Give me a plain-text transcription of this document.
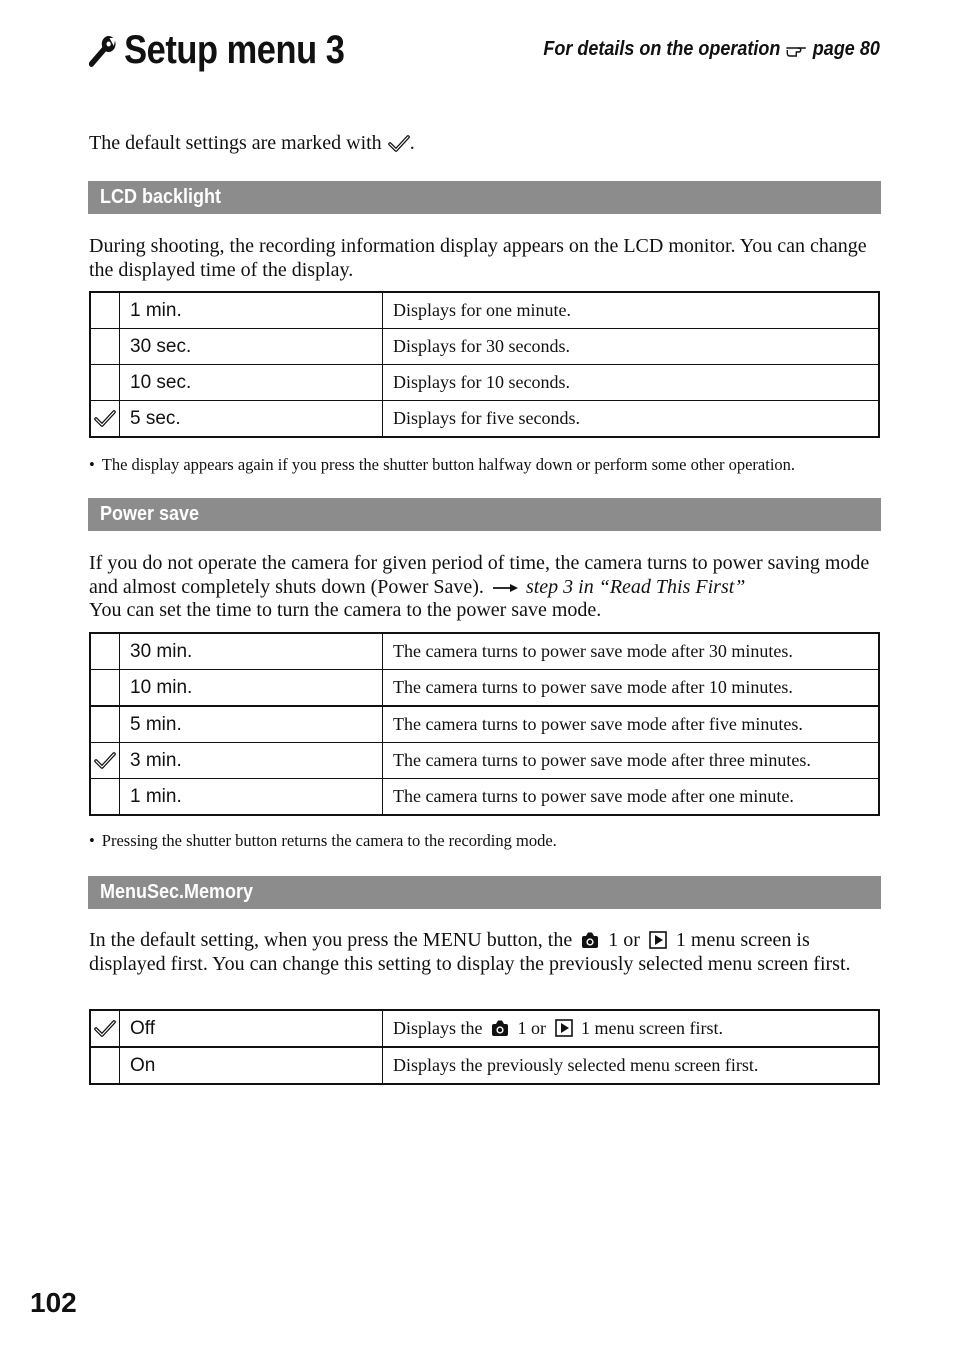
Setup menu 3	For details on the operation page 80
The default settings are marked with .
LCD backlight
During shooting, the recording information display appears on the LCD monitor. You can change the displayed time of the display.
	1 min.	Displays for one minute.
	30 sec.	Displays for 30 seconds.
	10 sec.	Displays for 10 seconds.
	5 sec.	Displays for five seconds.
• The display appears again if you press the shutter button halfway down or perform some other operation.
Power save
If you do not operate the camera for given period of time, the camera turns to power saving mode and almost completely shuts down (Power Save). step 3 in “Read This First”
You can set the time to turn the camera to the power save mode.
	30 min.	The camera turns to power save mode after 30 minutes.
	10 min.	The camera turns to power save mode after 10 minutes.
	5 min.	The camera turns to power save mode after five minutes.
	3 min.	The camera turns to power save mode after three minutes.
	1 min.	The camera turns to power save mode after one minute.
• Pressing the shutter button returns the camera to the recording mode.
MenuSec.Memory
In the default setting, when you press the MENU button, the 1 or 1 menu screen is displayed first. You can change this setting to display the previously selected menu screen first.
	Off	Displays the 1 or 1 menu screen first.
	On	Displays the previously selected menu screen first.
102
